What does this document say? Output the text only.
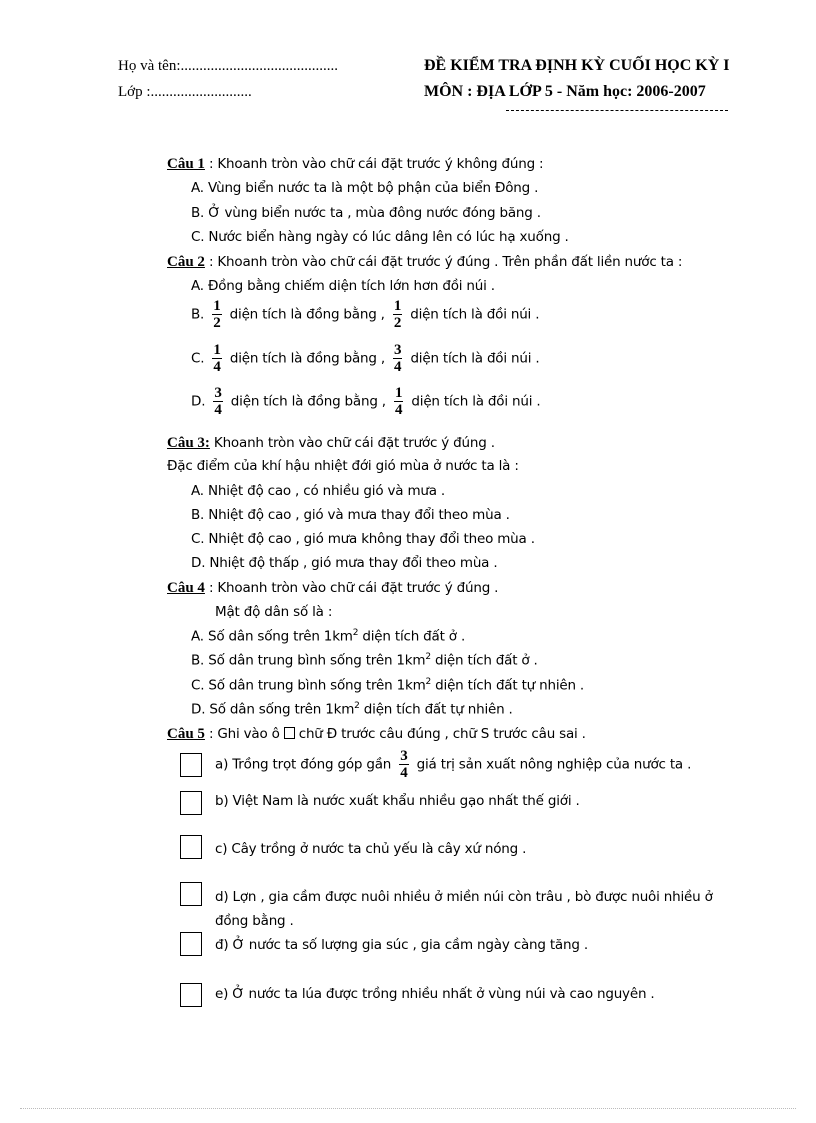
Họ và tên:..........................................
Lớp :...........................
ĐỀ KIỂM TRA ĐỊNH KỲ CUỐI HỌC KỲ I
MÔN : ĐỊA LỚP 5 - Năm học: 2006-2007
Câu 1 : Khoanh tròn vào chữ cái đặt trước ý không đúng :
A. Vùng biển nước ta là một bộ phận của biển Đông .
B. Ở vùng biển nước ta , mùa đông nước đóng băng .
C. Nước biển hàng ngày có lúc dâng lên có lúc hạ xuống .
Câu 2 : Khoanh tròn vào chữ cái đặt trước ý đúng . Trên phần đất liền nước ta :
A. Đồng bằng chiếm diện tích lớn hơn đồi núi .
B. $\frac{1}{2}$ diện tích là đồng bằng , $\frac{1}{2}$ diện tích là đồi núi .
C. $\frac{1}{4}$ diện tích là đồng bằng , $\frac{3}{4}$ diện tích là đồi núi .
D. $\frac{3}{4}$ diện tích là đồng bằng , $\frac{1}{4}$ diện tích là đồi núi .
Câu 3: Khoanh tròn vào chữ cái đặt trước ý đúng .
Đặc điểm của khí hậu nhiệt đới gió mùa ở nước ta là :
A. Nhiệt độ cao , có nhiều gió và mưa .
B. Nhiệt độ cao , gió và mưa thay đổi theo mùa .
C. Nhiệt độ cao , gió mưa không thay đổi theo mùa .
D. Nhiệt độ thấp , gió mưa thay đổi theo mùa .
Câu 4 : Khoanh tròn vào chữ cái đặt trước ý đúng .
Mật độ dân số là :
A. Số dân sống trên $1km^2$ diện tích đất ở .
B. Số dân trung bình sống trên $1km^2$ diện tích đất ở .
C. Số dân trung bình sống trên $1km^2$ diện tích đất tự nhiên .
D. Số dân sống trên $1km^2$ diện tích đất tự nhiên .
Câu 5 : Ghi vào ô chữ Đ trước câu đúng , chữ S trước câu sai .
a) Trồng trọt đóng góp gần $\frac{3}{4}$ giá trị sản xuất nông nghiệp của nước ta .
b) Việt Nam là nước xuất khẩu nhiều gạo nhất thế giới .
c) Cây trồng ở nước ta chủ yếu là cây xứ nóng .
d) Lợn , gia cầm được nuôi nhiều ở miền núi còn trâu , bò được nuôi nhiều ở
đồng bằng .
đ) Ở nước ta số lượng gia súc , gia cầm ngày càng tăng .
e) Ở nước ta lúa được trồng nhiều nhất ở vùng núi và cao nguyên .
